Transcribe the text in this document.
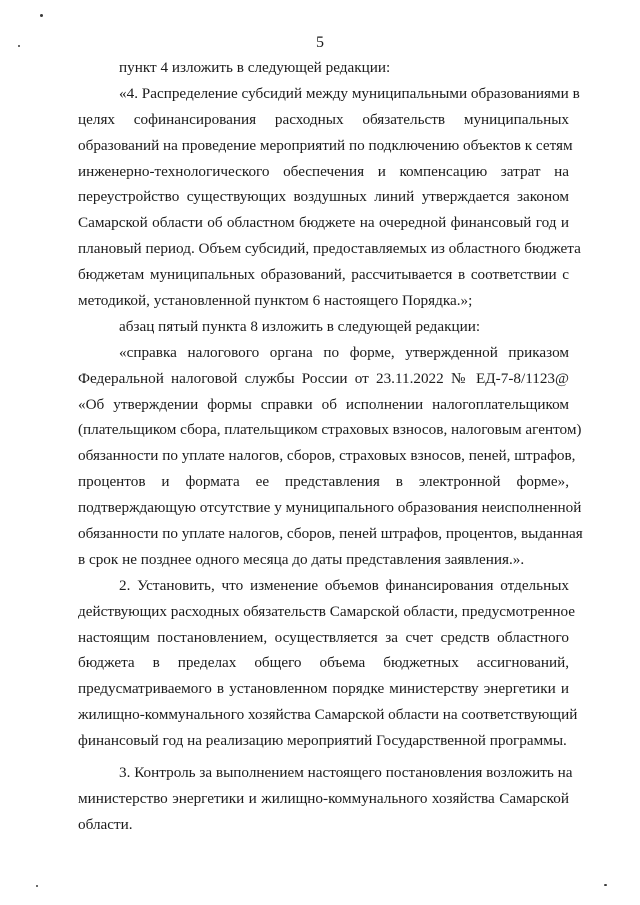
5
пункт 4 изложить в следующей редакции:
«4. Распределение субсидий между муниципальными образованиями в
целях софинансирования расходных обязательств муниципальных
образований на проведение мероприятий по подключению объектов к сетям
инженерно-технологического обеспечения и компенсацию затрат на
переустройство существующих воздушных линий утверждается законом
Самарской области об областном бюджете на очередной финансовый год и
плановый период. Объем субсидий, предоставляемых из областного бюджета
бюджетам муниципальных образований, рассчитывается в соответствии с
методикой, установленной пунктом 6 настоящего Порядка.»;
абзац пятый пункта 8 изложить в следующей редакции:
«справка налогового органа по форме, утвержденной приказом
Федеральной налоговой службы России от 23.11.2022 № ЕД-7-8/1123@
«Об утверждении формы справки об исполнении налогоплательщиком
(плательщиком сбора, плательщиком страховых взносов, налоговым агентом)
обязанности по уплате налогов, сборов, страховых взносов, пеней, штрафов,
процентов и формата ее представления в электронной форме»,
подтверждающую отсутствие у муниципального образования неисполненной
обязанности по уплате налогов, сборов, пеней штрафов, процентов, выданная
в срок не позднее одного месяца до даты представления заявления.».
2. Установить, что изменение объемов финансирования отдельных
действующих расходных обязательств Самарской области, предусмотренное
настоящим постановлением, осуществляется за счет средств областного
бюджета в пределах общего объема бюджетных ассигнований,
предусматриваемого в установленном порядке министерству энергетики и
жилищно-коммунального хозяйства Самарской области на соответствующий
финансовый год на реализацию мероприятий Государственной программы.
3. Контроль за выполнением настоящего постановления возложить на
министерство энергетики и жилищно-коммунального хозяйства Самарской
области.
